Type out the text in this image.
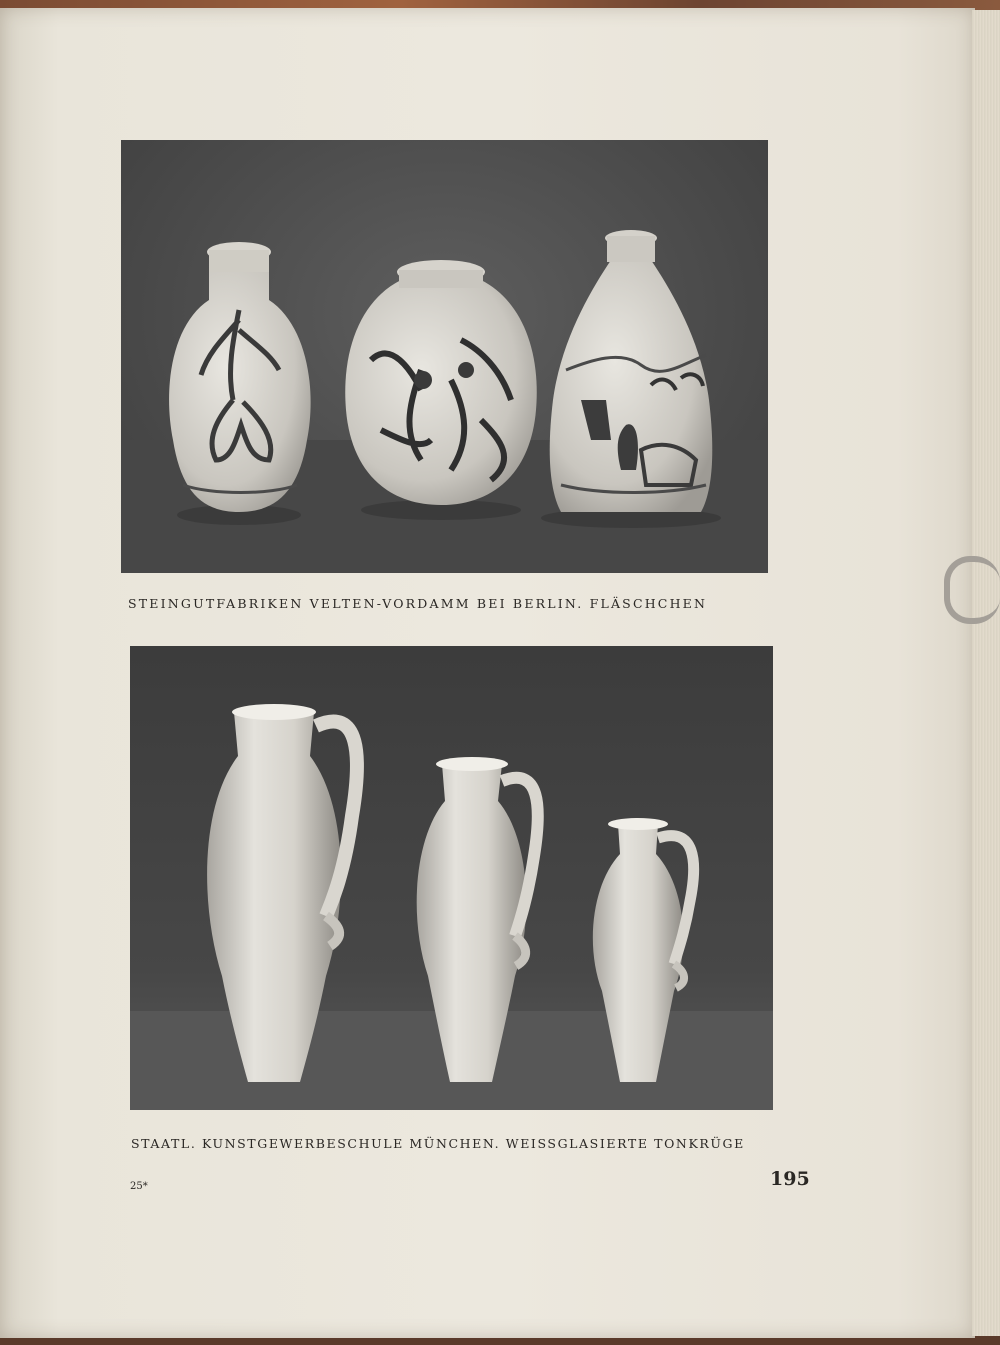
STEINGUTFABRIKEN VELTEN-VORDAMM BEI BERLIN. FLÄSCHCHEN
STAATL. KUNSTGEWERBESCHULE MÜNCHEN. WEISSGLASIERTE TONKRÜGE
25*	195
